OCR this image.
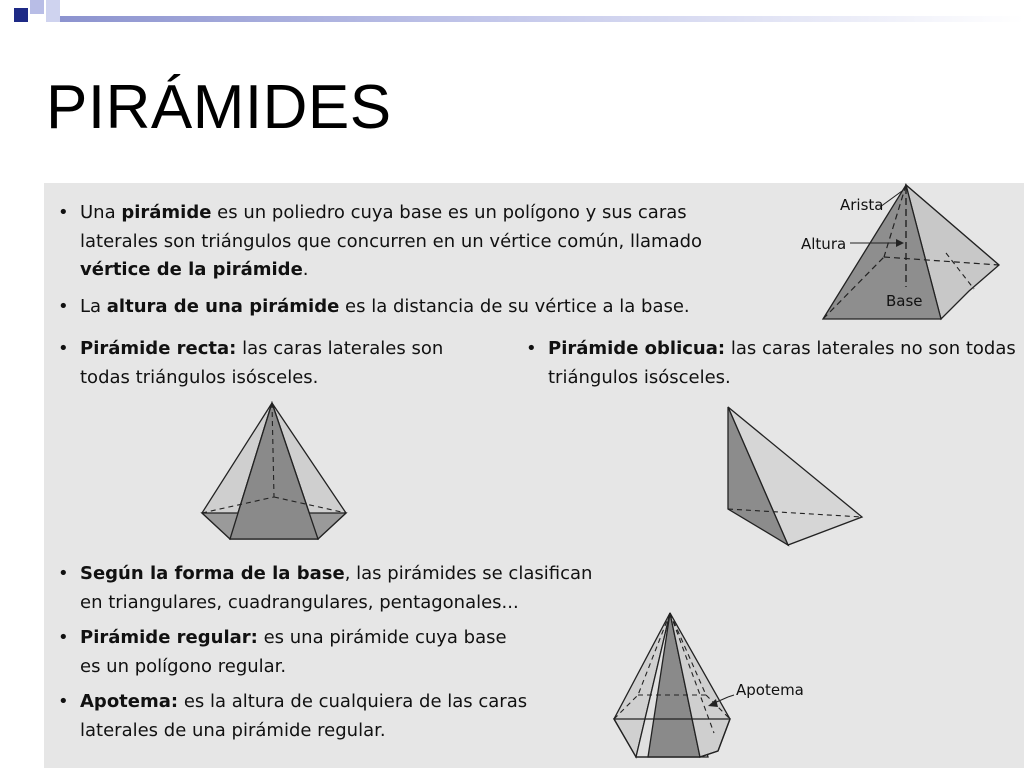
PIRÁMIDES

• Una pirámide es un poliedro cuya base es un polígono y sus caras laterales son triángulos que concurren en un vértice común, llamado vértice de la pirámide.

• La altura de una pirámide es la distancia de su vértice a la base.

• Pirámide recta: las caras laterales son todas triángulos isósceles.

• Pirámide oblicua: las caras laterales no son todas triángulos isósceles.

• Según la forma de la base, las pirámides se clasifican en triangulares, cuadrangulares, pentagonales...

• Pirámide regular: es una pirámide cuya base es un polígono regular.

• Apotema: es la altura de cualquiera de las caras laterales de una pirámide regular.

Arista
Altura
Base
Apotema
